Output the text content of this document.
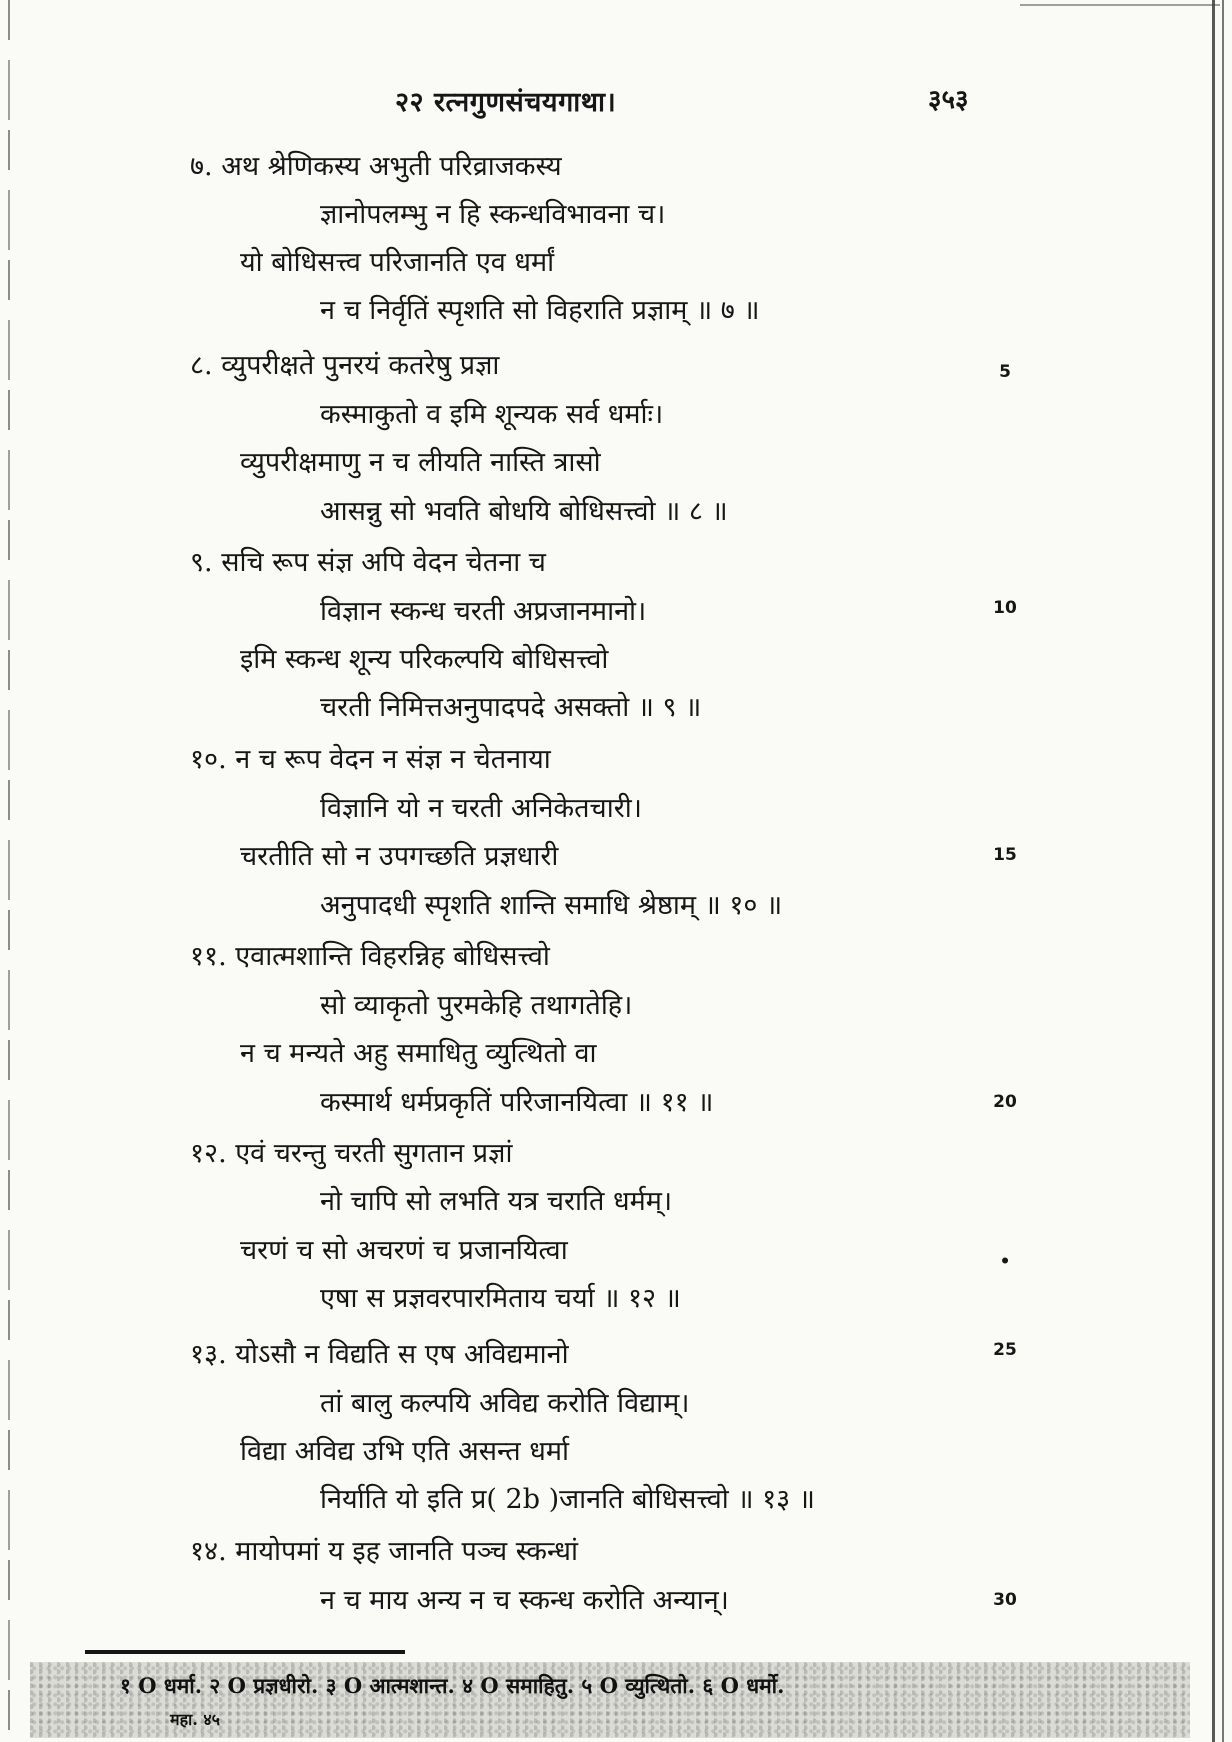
२२ रत्नगुणसंचयगाथा।	३५३
७. अथ श्रेणिकस्य अभुती परिव्राजकस्य
ज्ञानोपलम्भु न हि स्कन्धविभावना च।
यो बोधिसत्त्व परिजानति एव धर्मां
न च निर्वृतिं स्पृशति सो विहराति प्रज्ञाम् ॥ ७ ॥
८. व्युपरीक्षते पुनरयं कतरेषु प्रज्ञा
कस्माकुतो व इमि शून्यक सर्व धर्माः।
व्युपरीक्षमाणु न च लीयति नास्ति त्रासो
आसन्नु सो भवति बोधयि बोधिसत्त्वो ॥ ८ ॥
९. सचि रूप संज्ञ अपि वेदन चेतना च
विज्ञान स्कन्ध चरती अप्रजानमानो।
इमि स्कन्ध शून्य परिकल्पयि बोधिसत्त्वो
चरती निमित्तअनुपादपदे असक्तो ॥ ९ ॥
१०. न च रूप वेदन न संज्ञ न चेतनाया
विज्ञानि यो न चरती अनिकेतचारी।
चरतीति सो न उपगच्छति प्रज्ञधारी
अनुपादधी स्पृशति शान्ति समाधि श्रेष्ठाम् ॥ १० ॥
११. एवात्मशान्ति विहरन्निह बोधिसत्त्वो
सो व्याकृतो पुरमकेहि तथागतेहि।
न च मन्यते अहु समाधितु व्युत्थितो वा
कस्मार्थ धर्मप्रकृतिं परिजानयित्वा ॥ ११ ॥
१२. एवं चरन्तु चरती सुगतान प्रज्ञां
नो चापि सो लभति यत्र चराति धर्मम्।
चरणं च सो अचरणं च प्रजानयित्वा
एषा स प्रज्ञवरपारमिताय चर्या ॥ १२ ॥
१३. योऽसौ न विद्यति स एष अविद्यमानो
तां बालु कल्पयि अविद्य करोति विद्याम्।
विद्या अविद्य उभि एति असन्त धर्मा
निर्याति यो इति प्र( 2b )जानति बोधिसत्त्वो ॥ १३ ॥
१४. मायोपमां य इह जानति पञ्च स्कन्धां
न च माय अन्य न च स्कन्ध करोति अन्यान्।
5
10
15
20
•
25
30
१ O धर्मा. २ O प्रज्ञधीरो. ३ O आत्मशान्त. ४ O समाहितु. ५ O व्युत्थितो. ६ O धर्मो.
महा. ४५
